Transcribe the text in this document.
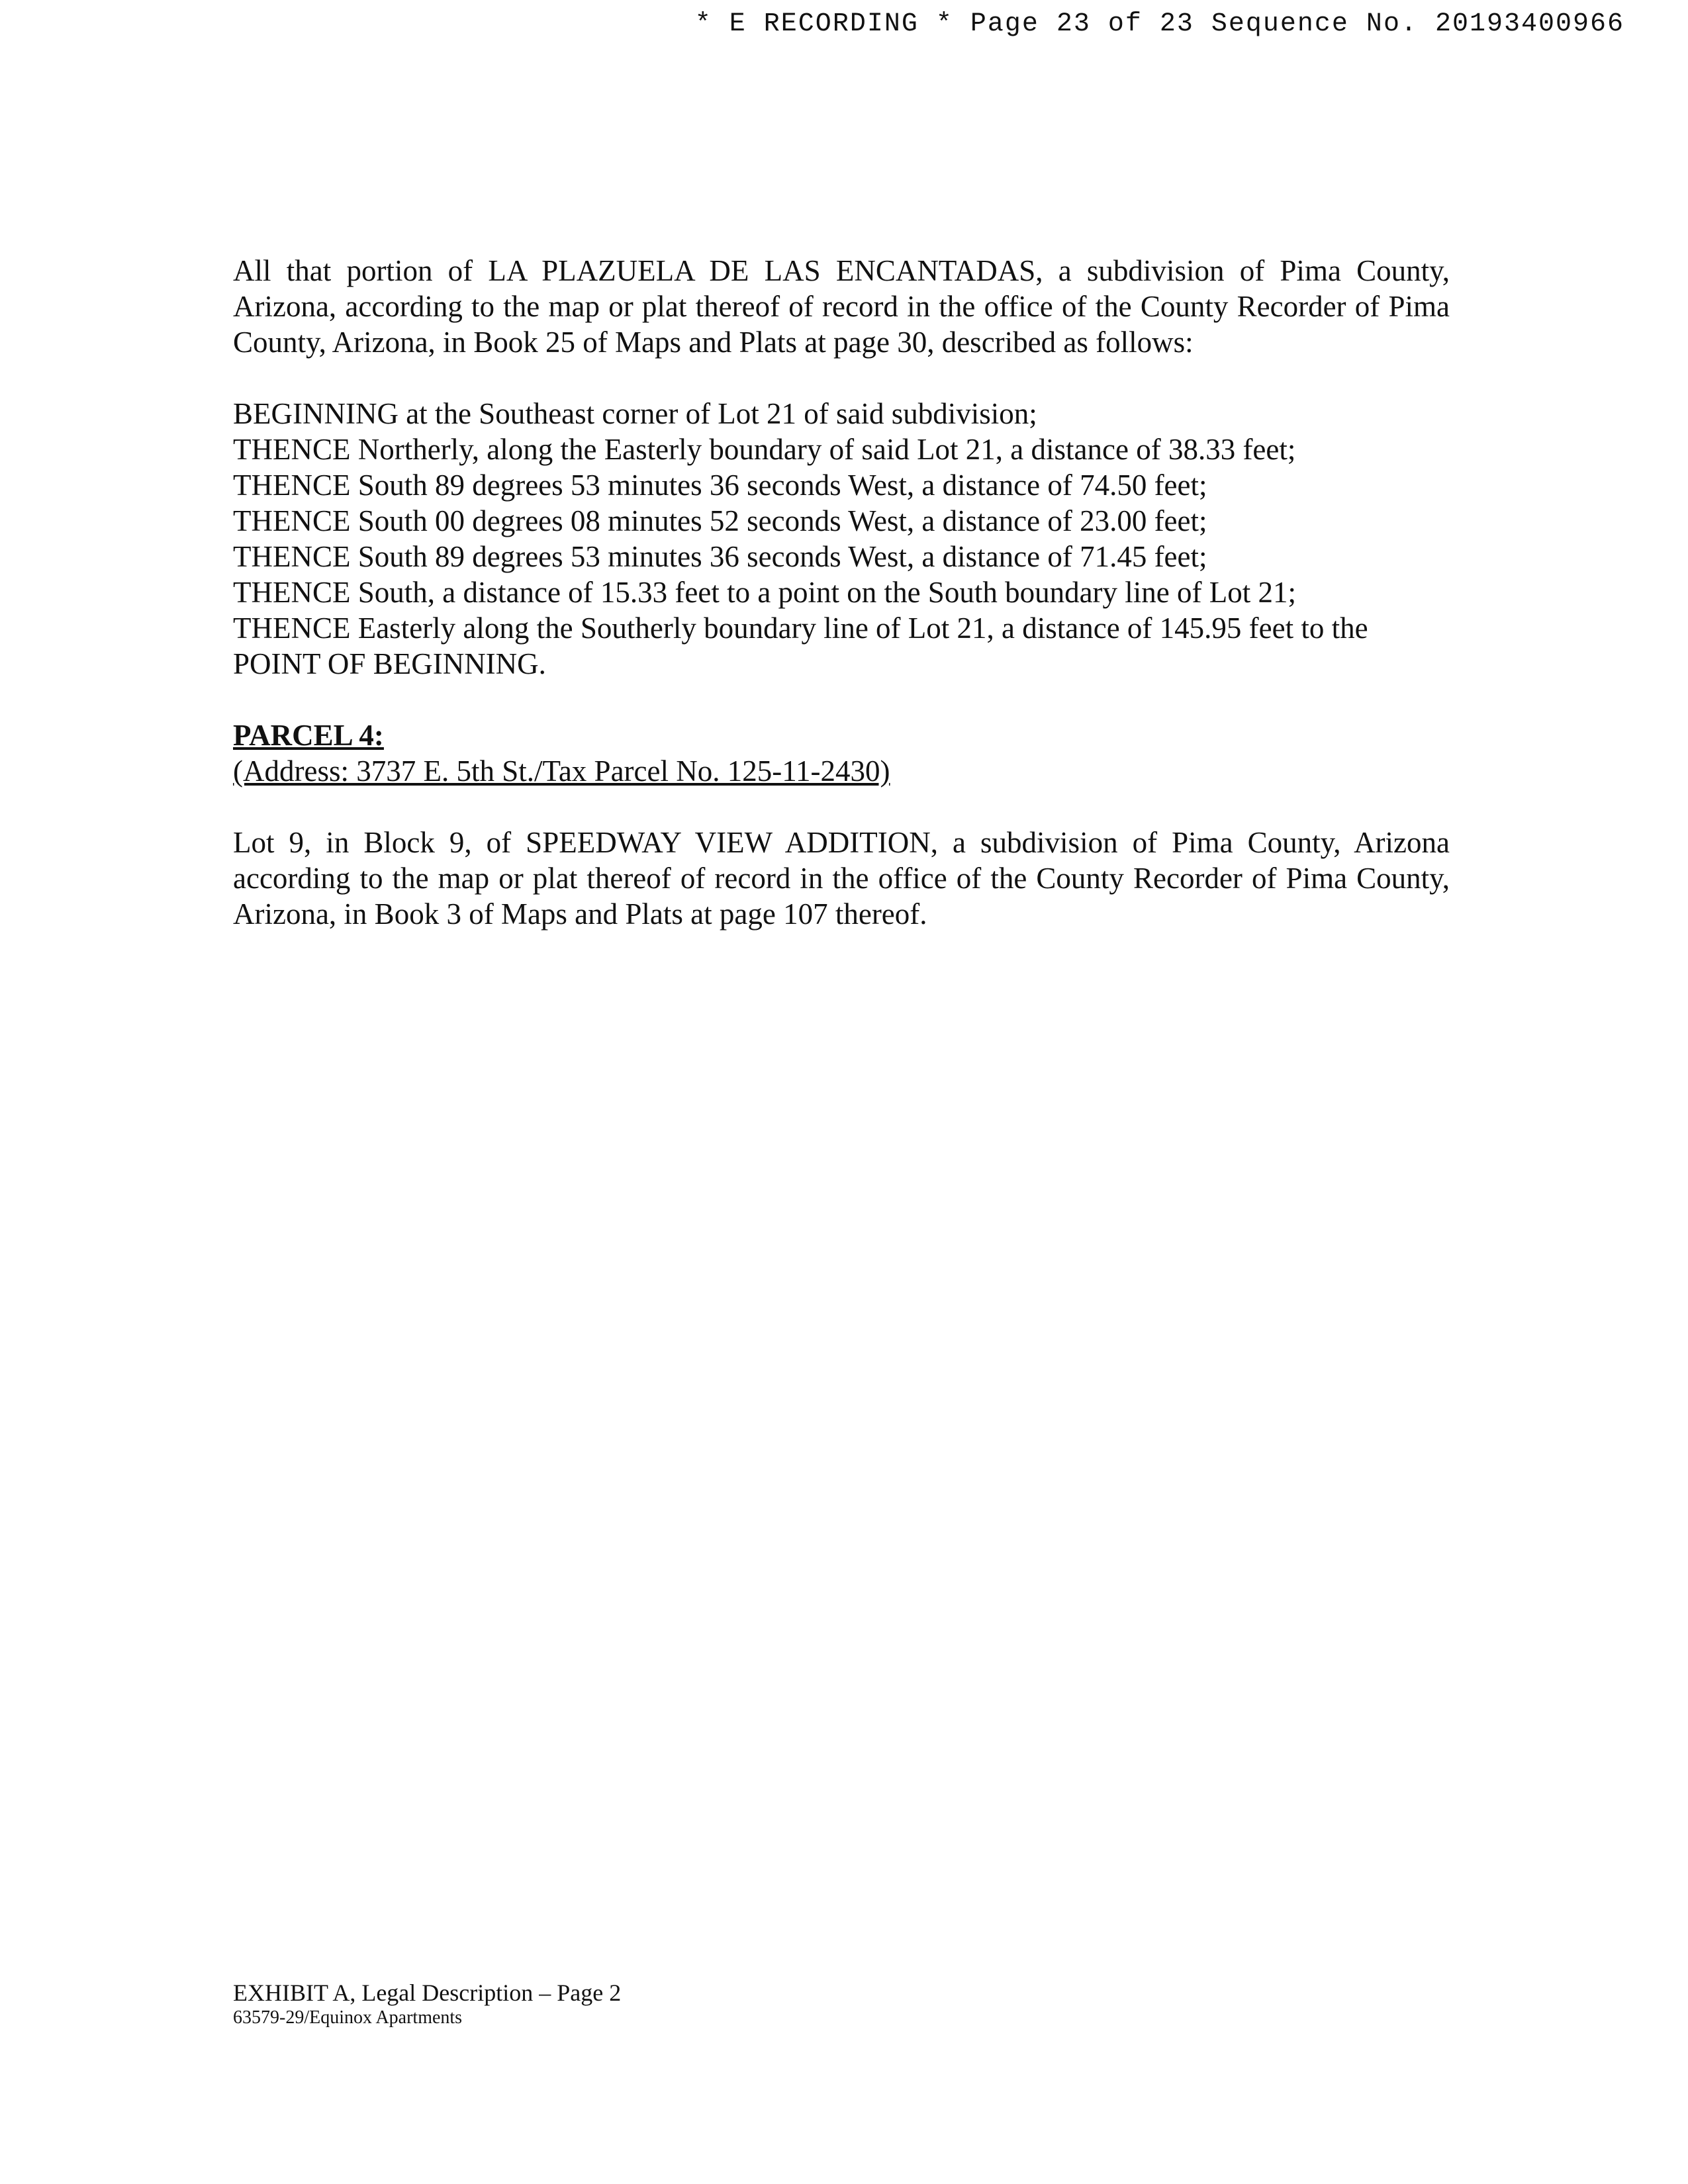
* E RECORDING * Page 23 of 23 Sequence No. 20193400966

All that portion of LA PLAZUELA DE LAS ENCANTADAS, a subdivision of Pima County, Arizona, according to the map or plat thereof of record in the office of the County Recorder of Pima County, Arizona, in Book 25 of Maps and Plats at page 30, described as follows:

BEGINNING at the Southeast corner of Lot 21 of said subdivision;
THENCE Northerly, along the Easterly boundary of said Lot 21, a distance of 38.33 feet;
THENCE South 89 degrees 53 minutes 36 seconds West, a distance of 74.50 feet;
THENCE South 00 degrees 08 minutes 52 seconds West, a distance of 23.00 feet;
THENCE South 89 degrees 53 minutes 36 seconds West, a distance of 71.45 feet;
THENCE South, a distance of 15.33 feet to a point on the South boundary line of Lot 21;
THENCE Easterly along the Southerly boundary line of Lot 21, a distance of 145.95 feet to the POINT OF BEGINNING.
PARCEL 4:
(Address: 3737 E. 5th St./Tax Parcel No. 125-11-2430)

Lot 9, in Block 9, of SPEEDWAY VIEW ADDITION, a subdivision of Pima County, Arizona according to the map or plat thereof of record in the office of the County Recorder of Pima County, Arizona, in Book 3 of Maps and Plats at page 107 thereof.

EXHIBIT A, Legal Description – Page 2
63579-29/Equinox Apartments
